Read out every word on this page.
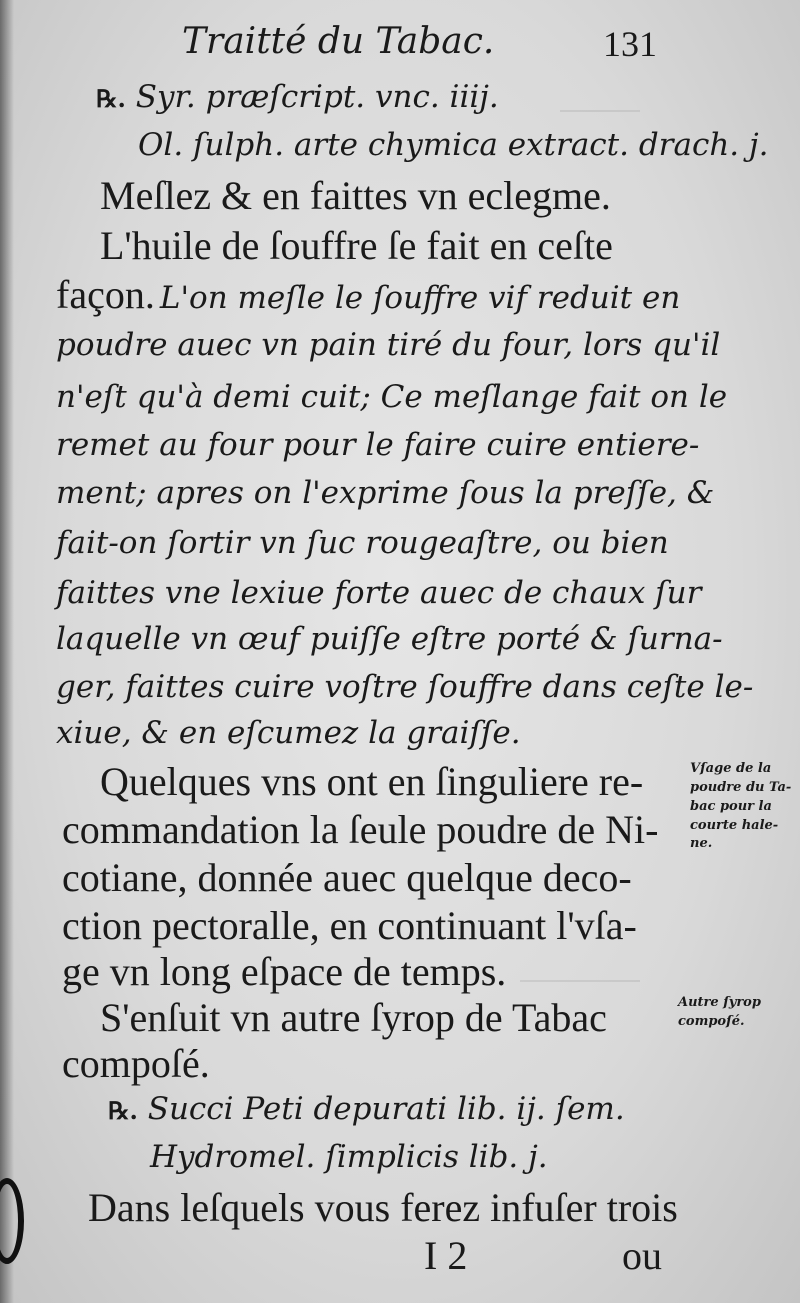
Traitté du Tabac.	131
℞. Syr. præſcript. vnc. iiij.
Ol. ſulph. arte chymica extract. drach. j.
Meſlez & en faittes vn eclegme.
L'huile de ſouffre ſe fait en ceſte
façon. L'on meſle le ſouffre vif reduit en
poudre auec vn pain tiré du four, lors qu'il
n'eſt qu'à demi cuit; Ce meſlange fait on le
remet au four pour le faire cuire entiere-
ment; apres on l'exprime ſous la preſſe, &
fait-on ſortir vn ſuc rougeaſtre, ou bien
faittes vne lexiue forte auec de chaux ſur
laquelle vn œuf puiſſe eſtre porté & ſurna-
ger, faittes cuire voſtre ſouffre dans ceſte le-
xiue, & en eſcumez la graiſſe.
Quelques vns ont en ſinguliere re-
commandation la ſeule poudre de Ni-
cotiane, donnée auec quelque deco-
ction pectoralle, en continuant l'vſa-
ge vn long eſpace de temps.
S'enſuit vn autre ſyrop de Tabac
compoſé.
℞. Succi Peti depurati lib. ij. ſem.
Hydromel. ſimplicis lib. j.
Dans leſquels vous ferez infuſer trois
I 2	ou
Vſage de la
poudre du Ta-
bac pour la
courte hale-
ne.
Autre ſyrop
compoſé.
